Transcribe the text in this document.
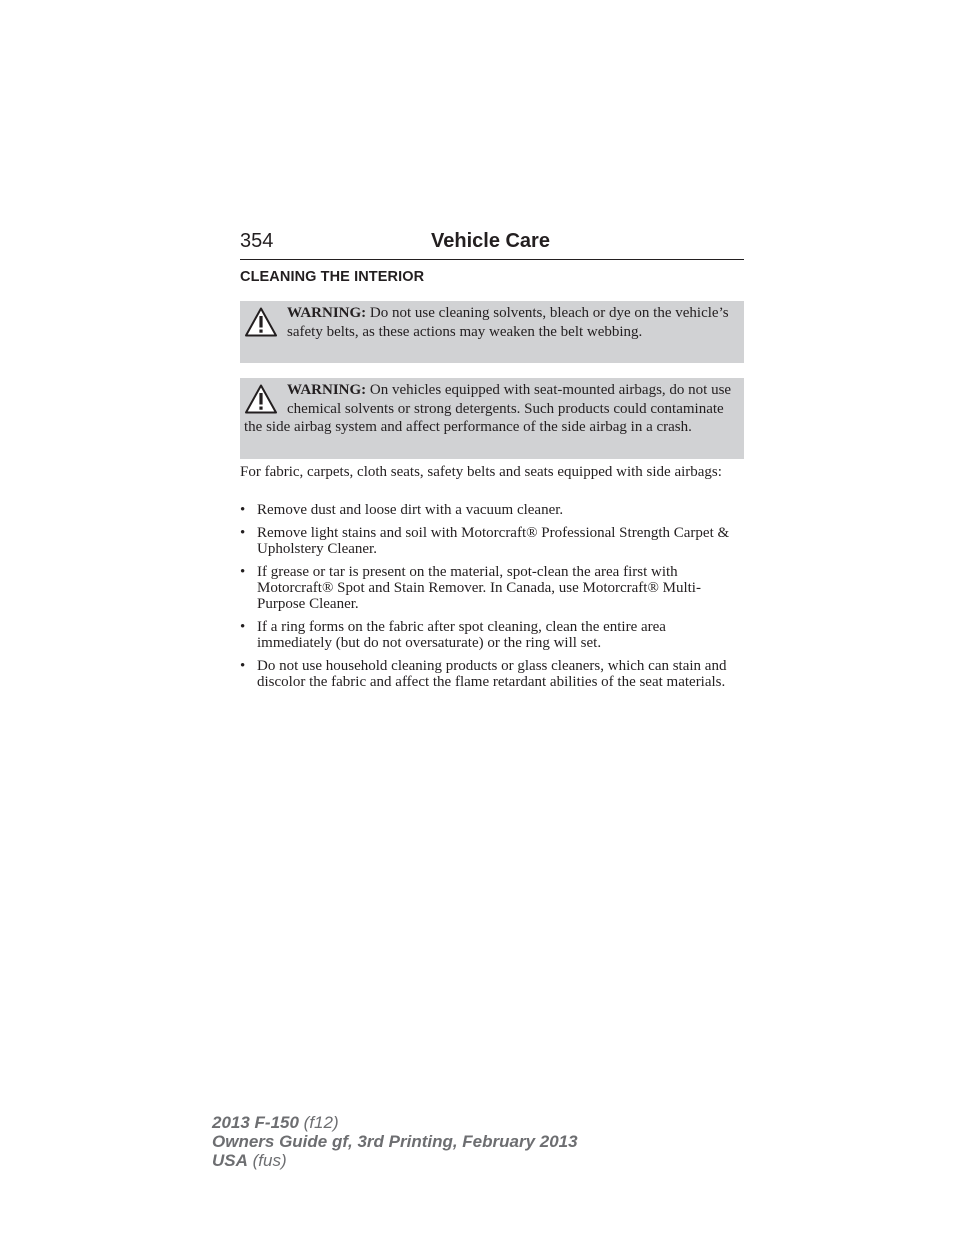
354	Vehicle Care
CLEANING THE INTERIOR
WARNING: Do not use cleaning solvents, bleach or dye on the vehicle’s safety belts, as these actions may weaken the belt webbing.
WARNING: On vehicles equipped with seat-mounted airbags, do not use chemical solvents or strong detergents. Such products could contaminate the side airbag system and affect performance of the side airbag in a crash.
For fabric, carpets, cloth seats, safety belts and seats equipped with side airbags:
• Remove dust and loose dirt with a vacuum cleaner.
• Remove light stains and soil with Motorcraft® Professional Strength Carpet & Upholstery Cleaner.
• If grease or tar is present on the material, spot-clean the area first with Motorcraft® Spot and Stain Remover. In Canada, use Motorcraft® Multi-Purpose Cleaner.
• If a ring forms on the fabric after spot cleaning, clean the entire area immediately (but do not oversaturate) or the ring will set.
• Do not use household cleaning products or glass cleaners, which can stain and discolor the fabric and affect the flame retardant abilities of the seat materials.
2013 F-150 (f12)
Owners Guide gf, 3rd Printing, February 2013
USA (fus)
